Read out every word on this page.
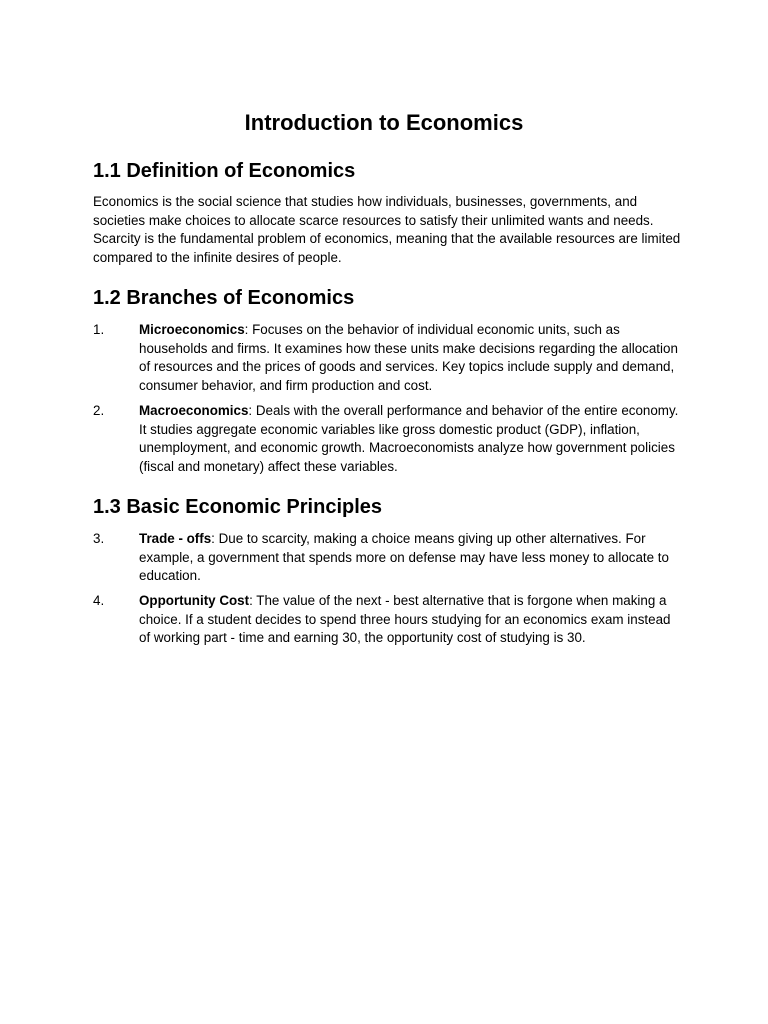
Introduction to Economics
1.1 Definition of Economics

Economics is the social science that studies how individuals, businesses, governments, and societies make choices to allocate scarce resources to satisfy their unlimited wants and needs. Scarcity is the fundamental problem of economics, meaning that the available resources are limited compared to the infinite desires of people.

1.2 Branches of Economics
1.	Microeconomics: Focuses on the behavior of individual economic units, such as households and firms. It examines how these units make decisions regarding the allocation of resources and the prices of goods and services. Key topics include supply and demand, consumer behavior, and firm production and cost.

2.	Macroeconomics: Deals with the overall performance and behavior of the entire economy. It studies aggregate economic variables like gross domestic product (GDP), inflation, unemployment, and economic growth. Macroeconomists analyze how government policies (fiscal and monetary) affect these variables.

1.3 Basic Economic Principles
3.	Trade - offs: Due to scarcity, making a choice means giving up other alternatives. For example, a government that spends more on defense may have less money to allocate to education.

4.	Opportunity Cost: The value of the next - best alternative that is forgone when making a choice. If a student decides to spend three hours studying for an economics exam instead of working part - time and earning 30, the opportunity cost of studying is 30.
